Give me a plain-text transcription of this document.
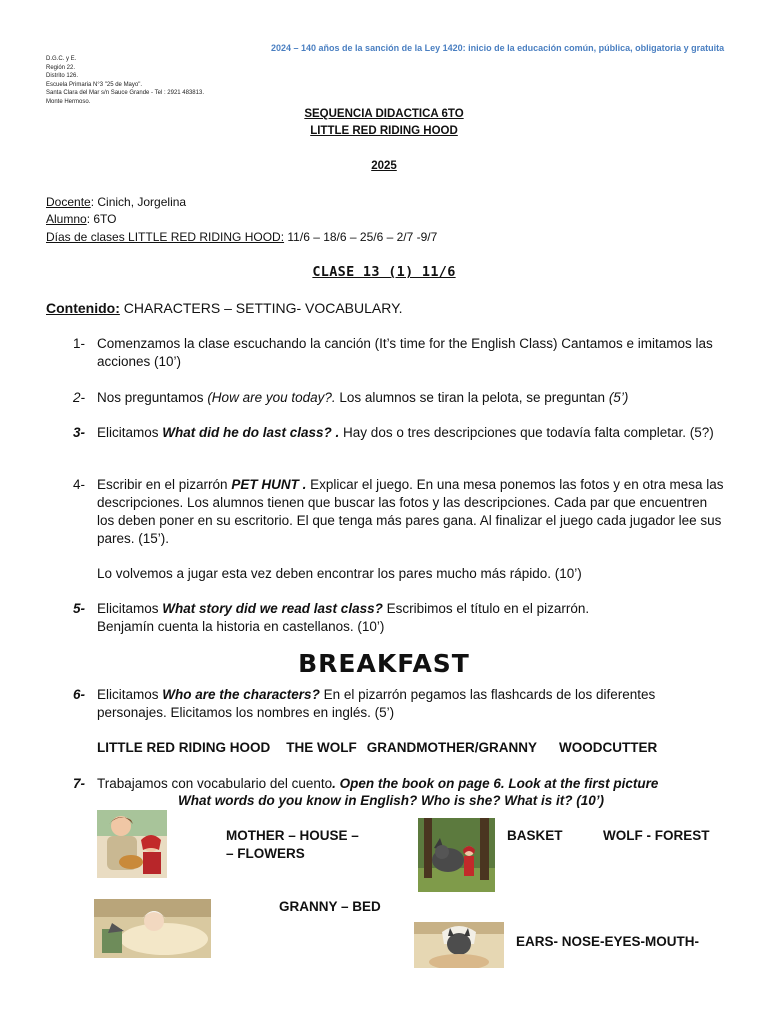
2024 – 140 años de la sanción de la Ley 1420: inicio de la educación común, pública, obligatoria y gratuita
D.G.C. y E.
Región 22.
Distrito 126.
Escuela Primaria N°3 "25 de Mayo".
Santa Clara del Mar s/n Sauce Grande - Tel : 2921 483813.
Monte Hermoso.
SEQUENCIA DIDACTICA 6TO
LITTLE RED RIDING HOOD
2025
Docente: Cinich, Jorgelina
Alumno: 6TO
Días de clases LITTLE RED RIDING HOOD: 11/6 – 18/6 – 25/6 – 2/7 -9/7
CLASE 13 (1) 11/6
Contenido: CHARACTERS – SETTING- VOCABULARY.
1- Comenzamos la clase escuchando la canción (It’s time for the English Class) Cantamos e imitamos las acciones (10’)
2- Nos preguntamos (How are you today?. Los alumnos se tiran la pelota, se preguntan (5’)
3- Elicitamos What did he do last class? . Hay dos o tres descripciones que todavía falta completar. (5?)
4- Escribir en el pizarrón PET HUNT . Explicar el juego. En una mesa ponemos las fotos y en otra mesa las descripciones. Los alumnos tienen que buscar las fotos y las descripciones. Cada par que encuentren los deben poner en su escritorio. El que tenga más pares gana. Al finalizar el juego cada jugador lee sus pares. (15’).
Lo volvemos a jugar esta vez deben encontrar los pares mucho más rápido. (10’)
5- Elicitamos What story did we read last class? Escribimos el título en el pizarrón.
Benjamín cuenta la historia en castellanos. (10’)
BREAKFAST
6- Elicitamos Who are the characters? En el pizarrón pegamos las flashcards de los diferentes personajes. Elicitamos los nombres en inglés. (5’)
LITTLE RED RIDING HOOD THE WOLF GRANDMOTHER/GRANNY WOODCUTTER
7- Trabajamos con vocabulario del cuento. Open the book on page 6. Look at the first picture
What words do you know in English? Who is she? What is it? (10’)
MOTHER – HOUSE –
– FLOWERS
BASKET	WOLF - FOREST
GRANNY – BED
EARS- NOSE-EYES-MOUTH-
